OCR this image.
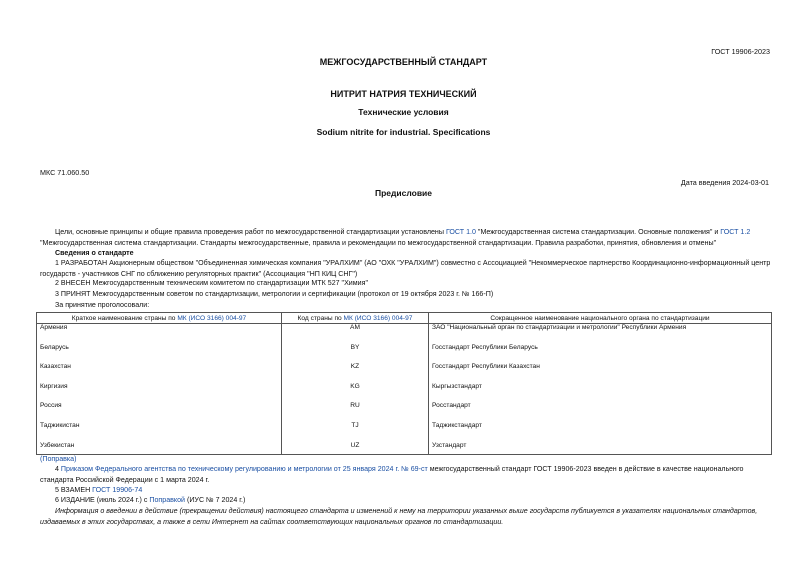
ГОСТ 19906-2023
МЕЖГОСУДАРСТВЕННЫЙ СТАНДАРТ
НИТРИТ НАТРИЯ ТЕХНИЧЕСКИЙ
Технические условия
Sodium nitrite for industrial. Specifications
МКС 71.060.50
Дата введения 2024-03-01
Предисловие
Цели, основные принципы и общие правила проведения работ по межгосударственной стандартизации установлены ГОСТ 1.0 "Межгосударственная система стандартизации. Основные положения" и ГОСТ 1.2 "Межгосударственная система стандартизации. Стандарты межгосударственные, правила и рекомендации по межгосударственной стандартизации. Правила разработки, принятия, обновления и отмены"
Сведения о стандарте
1 РАЗРАБОТАН Акционерным обществом "Объединенная химическая компания "УРАЛХИМ" (АО "ОХК "УРАЛХИМ") совместно с Ассоциацией "Некоммерческое партнерство Координационно-информационный центр государств - участников СНГ по сближению регуляторных практик" (Ассоциация "НП КИЦ СНГ")
2 ВНЕСЕН Межгосударственным техническим комитетом по стандартизации МТК 527 "Химия"
3 ПРИНЯТ Межгосударственным советом по стандартизации, метрологии и сертификации (протокол от 19 октября 2023 г. № 166-П)
За принятие проголосовали:
Краткое наименование страны по МК (ИСО 3166) 004-97	Код страны по МК (ИСО 3166) 004-97	Сокращенное наименование национального органа по стандартизации
Армения	AM	ЗАО "Национальный орган по стандартизации и метрологии" Республики Армения
Беларусь	BY	Госстандарт Республики Беларусь
Казахстан	KZ	Госстандарт Республики Казахстан
Киргизия	KG	Кыргызстандарт
Россия	RU	Росстандарт
Таджикистан	TJ	Таджикстандарт
Узбекистан	UZ	Узстандарт
(Поправка)
4 Приказом Федерального агентства по техническому регулированию и метрологии от 25 января 2024 г. № 69-ст межгосударственный стандарт ГОСТ 19906-2023 введен в действие в качестве национального стандарта Российской Федерации с 1 марта 2024 г.
5 ВЗАМЕН ГОСТ 19906-74
6 ИЗДАНИЕ (июль 2024 г.) с Поправкой (ИУС № 7 2024 г.)
Информация о введении в действие (прекращении действия) настоящего стандарта и изменений к нему на территории указанных выше государств публикуется в указателях национальных стандартов, издаваемых в этих государствах, а также в сети Интернет на сайтах соответствующих национальных органов по стандартизации.
